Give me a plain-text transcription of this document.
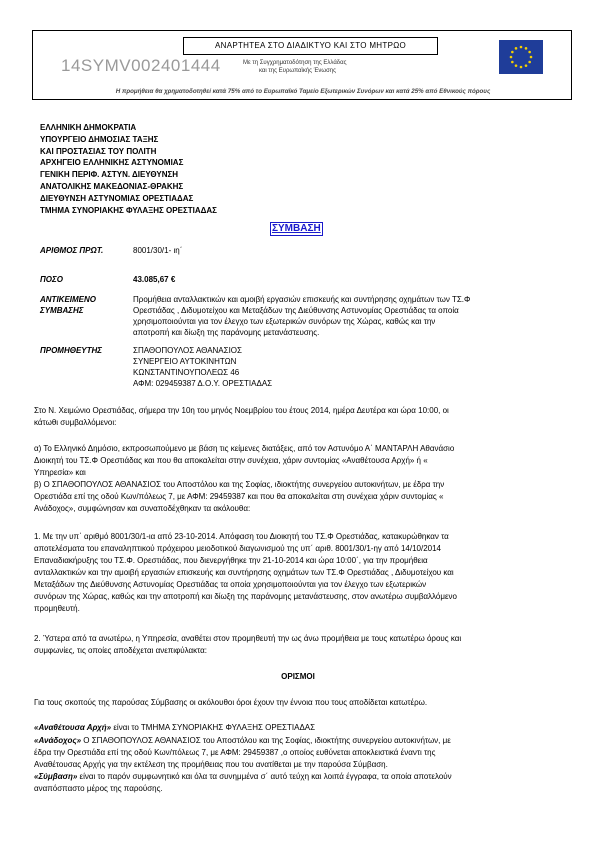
ΑΝΑΡΤΗΤΕΑ ΣΤΟ ΔΙΑΔΙΚΤΥΟ ΚΑΙ ΣΤΟ ΜΗΤΡΩΟ
14SYMV002401444	Με τη Συγχρηματοδότηση της Ελλάδας
και της Ευρωπαϊκής Ένωσης
Η προμήθεια θα χρηματοδοτηθεί κατά 75% από το Ευρωπαϊκό Ταμείο Εξωτερικών Συνόρων και κατά 25% από Εθνικούς πόρους
ΕΛΛΗΝΙΚΗ ΔΗΜΟΚΡΑΤΙΑ
ΥΠΟΥΡΓΕΙΟ ΔΗΜΟΣΙΑΣ ΤΑΞΗΣ
ΚΑΙ ΠΡΟΣΤΑΣΙΑΣ ΤΟΥ ΠΟΛΙΤΗ
ΑΡΧΗΓΕΙΟ ΕΛΛΗΝΙΚΗΣ ΑΣΤΥΝΟΜΙΑΣ
ΓΕΝΙΚΗ ΠΕΡΙΦ. ΑΣΤΥΝ. ΔΙΕΥΘΥΝΣΗ
ΑΝΑΤΟΛΙΚΗΣ ΜΑΚΕΔΟΝΙΑΣ-ΘΡΑΚΗΣ
ΔΙΕΥΘΥΝΣΗ ΑΣΤΥΝΟΜΙΑΣ ΟΡΕΣΤΙΑΔΑΣ
ΤΜΗΜΑ ΣΥΝΟΡΙΑΚΗΣ ΦΥΛΑΞΗΣ ΟΡΕΣΤΙΑΔΑΣ
ΣΥΜΒΑΣΗ
ΑΡΙΘΜΟΣ ΠΡΩΤ.	8001/30/1- ιη΄
ΠΟΣΟ	43.085,67 €
ΑΝΤΙΚΕΙΜΕΝΟ
ΣΥΜΒΑΣΗΣ
Προμήθεια ανταλλακτικών και αμοιβή εργασιών επισκευής και συντήρησης οχημάτων των ΤΣ.Φ
Ορεστιάδας , Διδυμοτείχου και Μεταξάδων της Διεύθυνσης Αστυνομίας Ορεστιάδας τα οποία
χρησιμοποιούνται για τον έλεγχο των εξωτερικών συνόρων της Χώρας, καθώς και την
αποτροπή και δίωξη της παράνομης μετανάστευσης.
ΠΡΟΜΗΘΕΥΤΗΣ	ΣΠΑΘΟΠΟΥΛΟΣ ΑΘΑΝΑΣΙΟΣ
ΣΥΝΕΡΓΕΙΟ ΑΥΤΟΚΙΝΗΤΩΝ
ΚΩΝΣΤΑΝΤΙΝΟΥΠΟΛΕΩΣ 46
ΑΦΜ: 029459387 Δ.Ο.Υ. ΟΡΕΣΤΙΑΔΑΣ
Στο Ν. Χειμώνιο Ορεστιάδας, σήμερα την 10η του μηνός Νοεμβρίου του έτους 2014, ημέρα Δευτέρα και ώρα 10:00, οι
κάτωθι συμβαλλόμενοι:
α) Το Ελληνικό Δημόσιο, εκπροσωπούμενο με βάση τις κείμενες διατάξεις, από τον Αστυνόμο Α΄ ΜΑΝΤΑΡΛΗ Αθανάσιο
Διοικητή του ΤΣ.Φ Ορεστιάδας και που θα αποκαλείται στην συνέχεια, χάριν συντομίας «Αναθέτουσα Αρχή» ή «
Υπηρεσία» και
β) Ο ΣΠΑΘΟΠΟΥΛΟΣ ΑΘΑΝΑΣΙΟΣ του Αποστόλου και της Σοφίας, ιδιοκτήτης συνεργείου αυτοκινήτων, με έδρα την
Ορεστιάδα επί της οδού Κων/πόλεως 7, με ΑΦΜ: 29459387 και που θα αποκαλείται στη συνέχεια χάριν συντομίας «
Ανάδοχος», συμφώνησαν και συναποδέχθηκαν τα ακόλουθα:
1. Με την υπ΄ αριθμό 8001/30/1-ια από 23-10-2014. Απόφαση του Διοικητή του ΤΣ.Φ Ορεστιάδας, κατακυρώθηκαν τα
αποτελέσματα του επαναληπτικού πρόχειρου μειοδοτικού διαγωνισμού της υπ΄ αριθ. 8001/30/1-ηγ από 14/10/2014
Επαναδιακήρυξης του ΤΣ.Φ. Ορεστιάδας, που διενεργήθηκε την 21-10-2014 και ώρα 10:00΄, για την προμήθεια
ανταλλακτικών και την αμοιβή εργασιών επισκευής και συντήρησης οχημάτων των ΤΣ.Φ Ορεστιάδας , Διδυμοτείχου και
Μεταξάδων της Διεύθυνσης Αστυνομίας Ορεστιάδας τα οποία χρησιμοποιούνται για τον έλεγχο των εξωτερικών
συνόρων της Χώρας, καθώς και την αποτροπή και δίωξη της παράνομης μετανάστευσης, στον ανωτέρω συμβαλλόμενο
προμηθευτή.
2. Ύστερα από τα ανωτέρω, η Υπηρεσία, αναθέτει στον προμηθευτή την ως άνω προμήθεια με τους κατωτέρω όρους και
συμφωνίες, τις οποίες αποδέχεται ανεπιφύλακτα:
ΟΡΙΣΜΟΙ
Για τους σκοπούς της παρούσας Σύμβασης οι ακόλουθοι όροι έχουν την έννοια που τους αποδίδεται κατωτέρω.
«Αναθέτουσα Αρχή» είναι το ΤΜΗΜΑ ΣΥΝΟΡΙΑΚΗΣ ΦΥΛΑΞΗΣ ΟΡΕΣΤΙΑΔΑΣ
«Ανάδοχος» Ο ΣΠΑΘΟΠΟΥΛΟΣ ΑΘΑΝΑΣΙΟΣ του Αποστόλου και της Σοφίας, ιδιοκτήτης συνεργείου αυτοκινήτων, με
έδρα την Ορεστιάδα επί της οδού Κων/πόλεως 7, με ΑΦΜ: 29459387 ,ο οποίος ευθύνεται αποκλειστικά έναντι της
Αναθέτουσας Αρχής για την εκτέλεση της προμήθειας που του ανατίθεται με την παρούσα Σύμβαση.
«Σύμβαση» είναι το παρόν συμφωνητικό και όλα τα συνημμένα σ΄ αυτό τεύχη και λοιπά έγγραφα, τα οποία αποτελούν
αναπόσπαστο μέρος της παρούσης.
